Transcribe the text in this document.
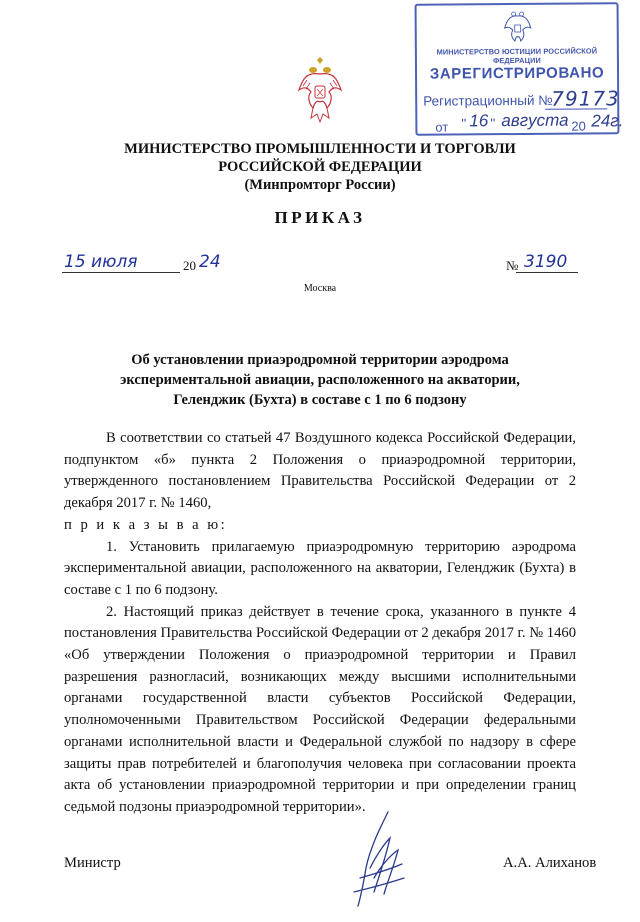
МИНИСТЕРСТВО ЮСТИЦИИ РОССИЙСКОЙ ФЕДЕРАЦИИ
ЗАРЕГИСТРИРОВАНО
Регистрационный №
79173
от " 16 " августа 20 24г.
МИНИСТЕРСТВО ПРОМЫШЛЕННОСТИ И ТОРГОВЛИ
РОССИЙСКОЙ ФЕДЕРАЦИИ
(Минпромторг России)
ПРИКАЗ
15 июля	20 24	№ 3190
Москва
Об установлении приаэродромной территории аэродрома
экспериментальной авиации, расположенного на акватории,
Геленджик (Бухта) в составе с 1 по 6 подзону

В соответствии со статьей 47 Воздушного кодекса Российской Федерации, подпунктом «б» пункта 2 Положения о приаэродромной территории, утвержденного постановлением Правительства Российской Федерации от 2 декабря 2017 г. № 1460,

п р и к а з ы в а ю:

1. Установить прилагаемую приаэродромную территорию аэродрома экспериментальной авиации, расположенного на акватории, Геленджик (Бухта) в составе с 1 по 6 подзону.

2. Настоящий приказ действует в течение срока, указанного в пункте 4 постановления Правительства Российской Федерации от 2 декабря 2017 г. № 1460 «Об утверждении Положения о приаэродромной территории и Правил разрешения разногласий, возникающих между высшими исполнительными органами государственной власти субъектов Российской Федерации, уполномоченными Правительством Российской Федерации федеральными органами исполнительной власти и Федеральной службой по надзору в сфере защиты прав потребителей и благополучия человека при согласовании проекта акта об установлении приаэродромной территории и при определении границ седьмой подзоны приаэродромной территории».

Министр	А.А. Алиханов
